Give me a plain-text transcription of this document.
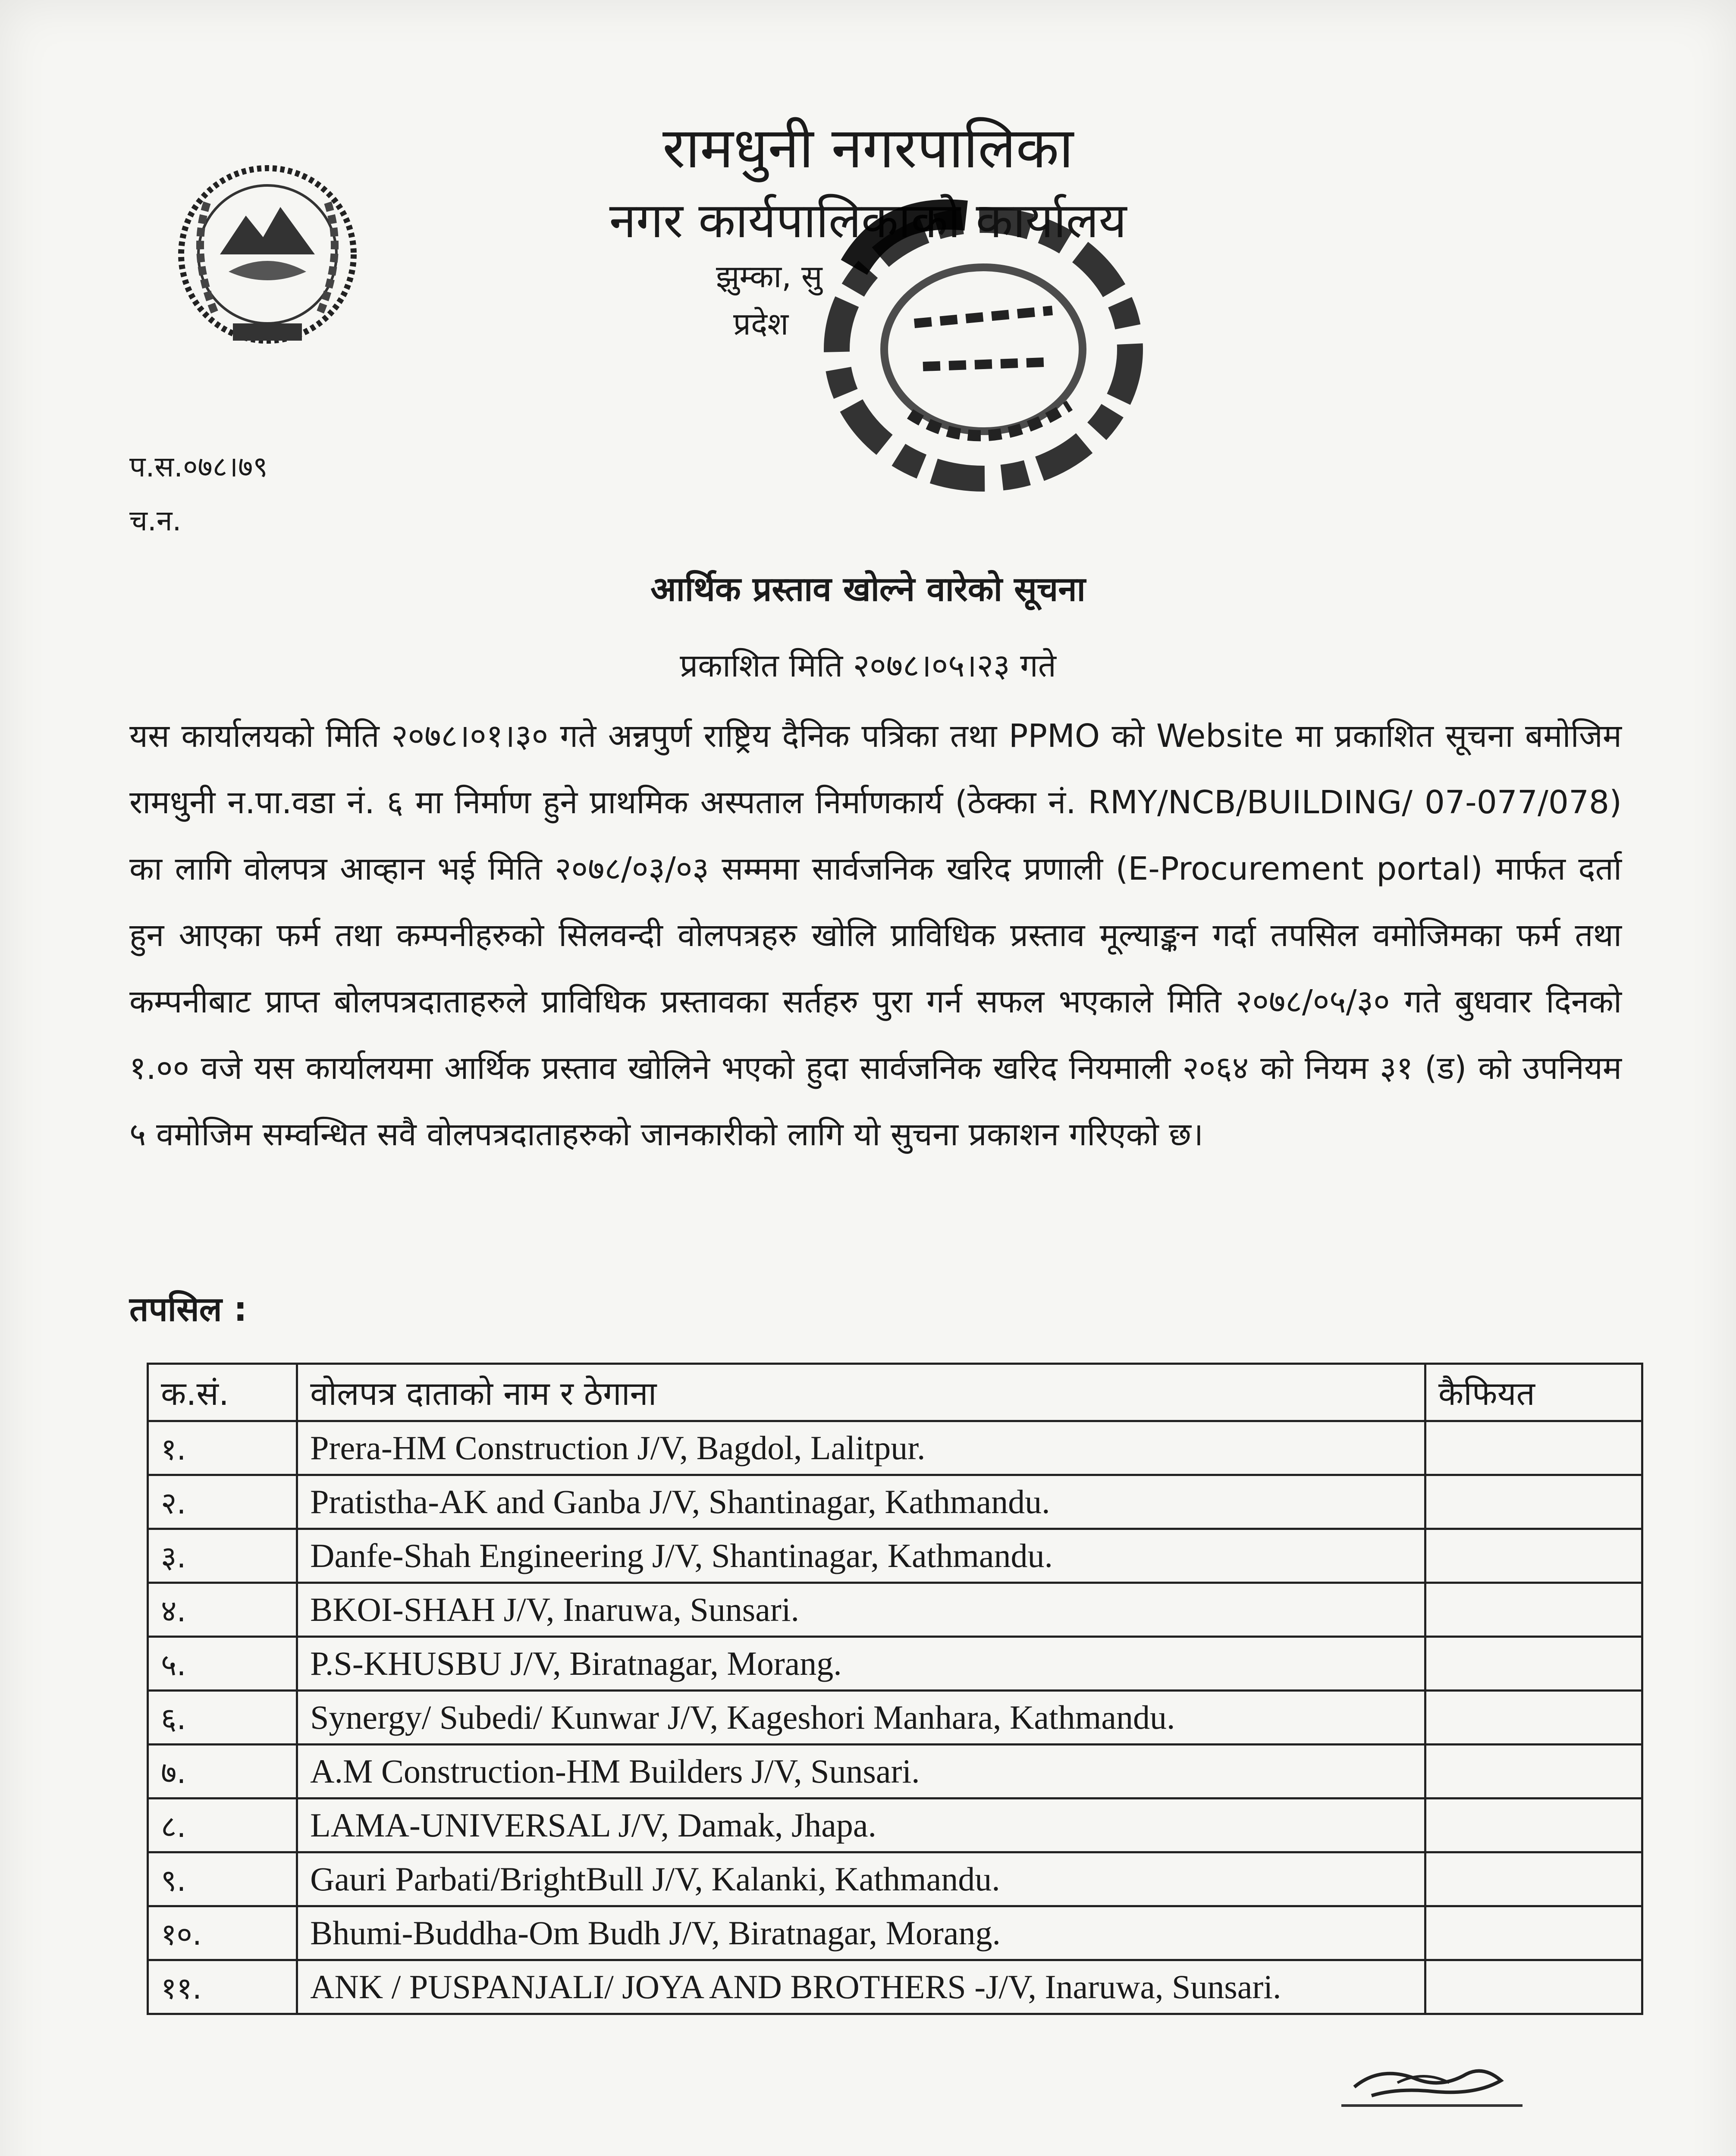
रामधुनी नगरपालिका
नगर कार्यपालिकाको कार्यालय
झुम्का, सु
प्रदेश
प.स.०७८।७९
च.न.
आर्थिक प्रस्ताव खोल्ने वारेको सूचना
प्रकाशित मिति २०७८।०५।२३ गते
यस कार्यालयको मिति २०७८।०१।३० गते अन्नपुर्ण राष्ट्रिय दैनिक पत्रिका तथा PPMO को Website मा प्रकाशित सूचना बमोजिम रामधुनी न.पा.वडा नं. ६ मा निर्माण हुने प्राथमिक अस्पताल निर्माणकार्य (ठेक्का नं. RMY/NCB/BUILDING/ 07-077/078) का लागि वोलपत्र आव्हान भई मिति २०७८/०३/०३ सम्ममा सार्वजनिक खरिद प्रणाली (E-Procurement portal) मार्फत दर्ता हुन आएका फर्म तथा कम्पनीहरुको सिलवन्दी वोलपत्रहरु खोलि प्राविधिक प्रस्ताव मूल्याङ्कन गर्दा तपसिल वमोजिमका फर्म तथा कम्पनीबाट प्राप्त बोलपत्रदाताहरुले प्राविधिक प्रस्तावका सर्तहरु पुरा गर्न सफल भएकाले मिति २०७८/०५/३० गते बुधवार दिनको १.०० वजे यस कार्यालयमा आर्थिक प्रस्ताव खोलिने भएको हुदा सार्वजनिक खरिद नियमाली २०६४ को नियम ३१ (ड) को उपनियम ५ वमोजिम सम्वन्धित सवै वोलपत्रदाताहरुको जानकारीको लागि यो सुचना प्रकाशन गरिएको छ।
तपसिल :
क.सं.	वोलपत्र दाताको नाम र ठेगाना	कैफियत
१.	Prera-HM Construction J/V, Bagdol, Lalitpur.	
२.	Pratistha-AK and Ganba J/V, Shantinagar, Kathmandu.	
३.	Danfe-Shah Engineering J/V, Shantinagar, Kathmandu.	
४.	BKOI-SHAH J/V, Inaruwa, Sunsari.	
५.	P.S-KHUSBU J/V, Biratnagar, Morang.	
६.	Synergy/ Subedi/ Kunwar J/V, Kageshori Manhara, Kathmandu.	
७.	A.M Construction-HM Builders J/V, Sunsari.	
८.	LAMA-UNIVERSAL J/V, Damak, Jhapa.	
९.	Gauri Parbati/BrightBull J/V, Kalanki, Kathmandu.	
१०.	Bhumi-Buddha-Om Budh J/V, Biratnagar, Morang.	
११.	ANK / PUSPANJALI/ JOYA AND BROTHERS -J/V, Inaruwa, Sunsari.	
